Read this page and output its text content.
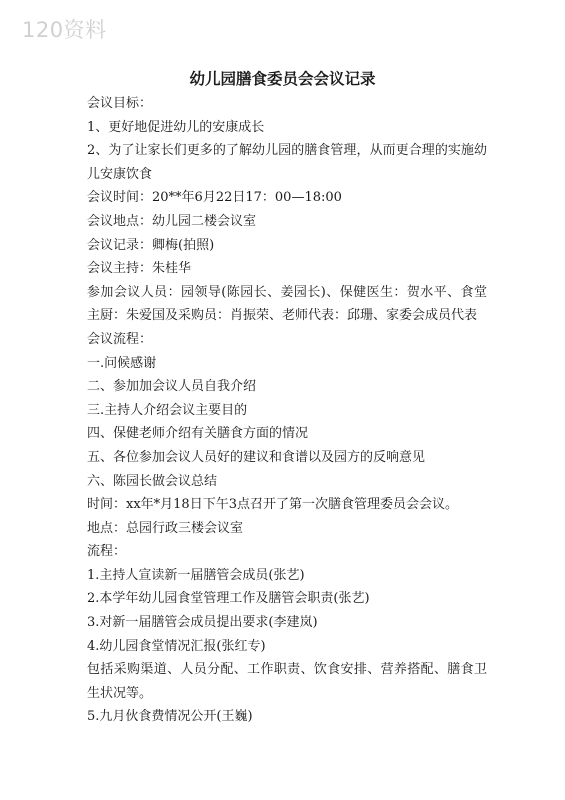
120资料
幼儿园膳食委员会会议记录

会议目标：

1、更好地促进幼儿的安康成长

2、为了让家长们更多的了解幼儿园的膳食管理，从而更合理的实施幼儿安康饮食

会议时间：20**年6月22日17：00—18:00

会议地点：幼儿园二楼会议室

会议记录：卿梅(拍照)

会议主持：朱桂华

参加会议人员：园领导(陈园长、姜园长)、保健医生：贺水平、食堂主厨：朱爱国及采购员：肖振荣、老师代表：邱珊、家委会成员代表

会议流程：

一.问候感谢

二、参加加会议人员自我介绍

三.主持人介绍会议主要目的

四、保健老师介绍有关膳食方面的情况

五、各位参加会议人员好的建议和食谱以及园方的反响意见

六、陈园长做会议总结

时间：xx年*月18日下午3点召开了第一次膳食管理委员会会议。

地点：总园行政三楼会议室

流程：

1.主持人宣读新一届膳管会成员(张艺)

2.本学年幼儿园食堂管理工作及膳管会职责(张艺)

3.对新一届膳管会成员提出要求(李建岚)

4.幼儿园食堂情况汇报(张红专)

包括采购渠道、人员分配、工作职责、饮食安排、营养搭配、膳食卫生状况等。

5.九月伙食费情况公开(王巍)
